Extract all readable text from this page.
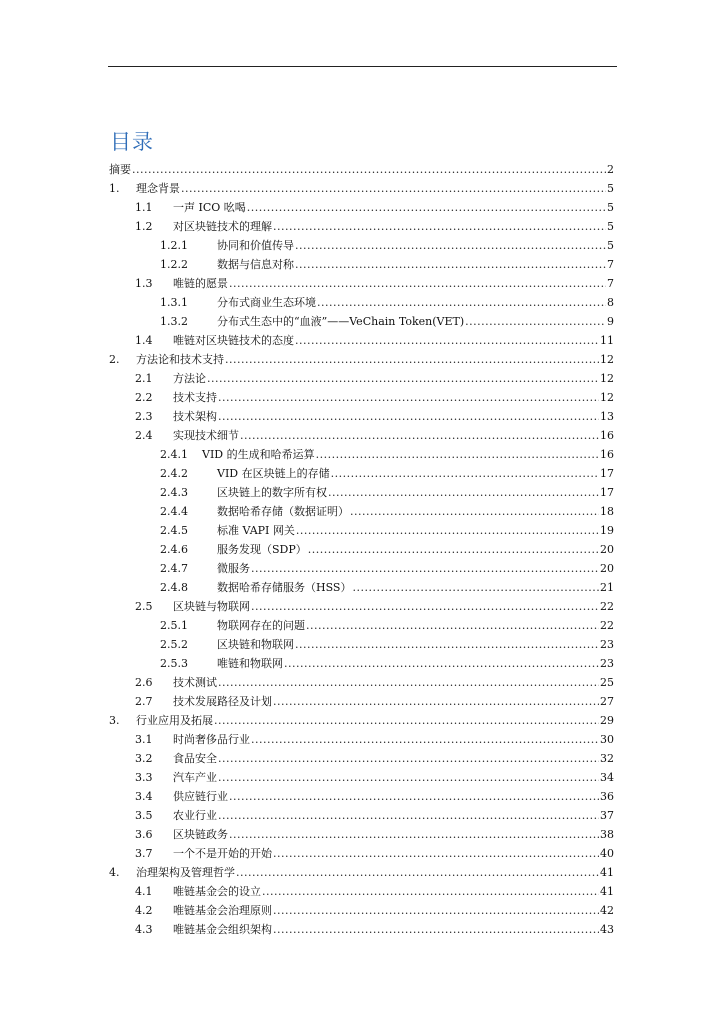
目录
摘要 .....	2
1. 理念背景 .....	5
1.1 一声 ICO 吆喝 .....	5
1.2 对区块链技术的理解 .....	5
1.2.1	协同和价值传导 .....	5
1.2.2	数据与信息对称 .....	7
1.3 唯链的愿景 .....	7
1.3.1	分布式商业生态环境 .....	8
1.3.2	分布式生态中的“血液”——VeChain Token(VET) .....	9
1.4 唯链对区块链技术的态度 .....	11
2. 方法论和技术支持 .....	12
2.1 方法论 .....	12
2.2 技术支持 .....	12
2.3 技术架构 .....	13
2.4 实现技术细节 .....	16
2.4.1 VID 的生成和哈希运算 .....	16
2.4.2	VID 在区块链上的存储 .....	17
2.4.3	区块链上的数字所有权 .....	17
2.4.4	数据哈希存储（数据证明） .....	18
2.4.5	标准 VAPI 网关 .....	19
2.4.6	服务发现（SDP） .....	20
2.4.7	微服务 .....	20
2.4.8	数据哈希存储服务（HSS） .....	21
2.5 区块链与物联网 .....	22
2.5.1	物联网存在的问题 .....	22
2.5.2	区块链和物联网 .....	23
2.5.3	唯链和物联网 .....	23
2.6 技术测试 .....	25
2.7 技术发展路径及计划 .....	27
3. 行业应用及拓展 .....	29
3.1 时尚奢侈品行业 .....	30
3.2 食品安全 .....	32
3.3 汽车产业 .....	34
3.4 供应链行业 .....	36
3.5 农业行业 .....	37
3.6 区块链政务 .....	38
3.7 一个不是开始的开始 .....	40
4. 治理架构及管理哲学 .....	41
4.1 唯链基金会的设立 .....	41
4.2 唯链基金会治理原则 .....	42
4.3 唯链基金会组织架构 .....	43
